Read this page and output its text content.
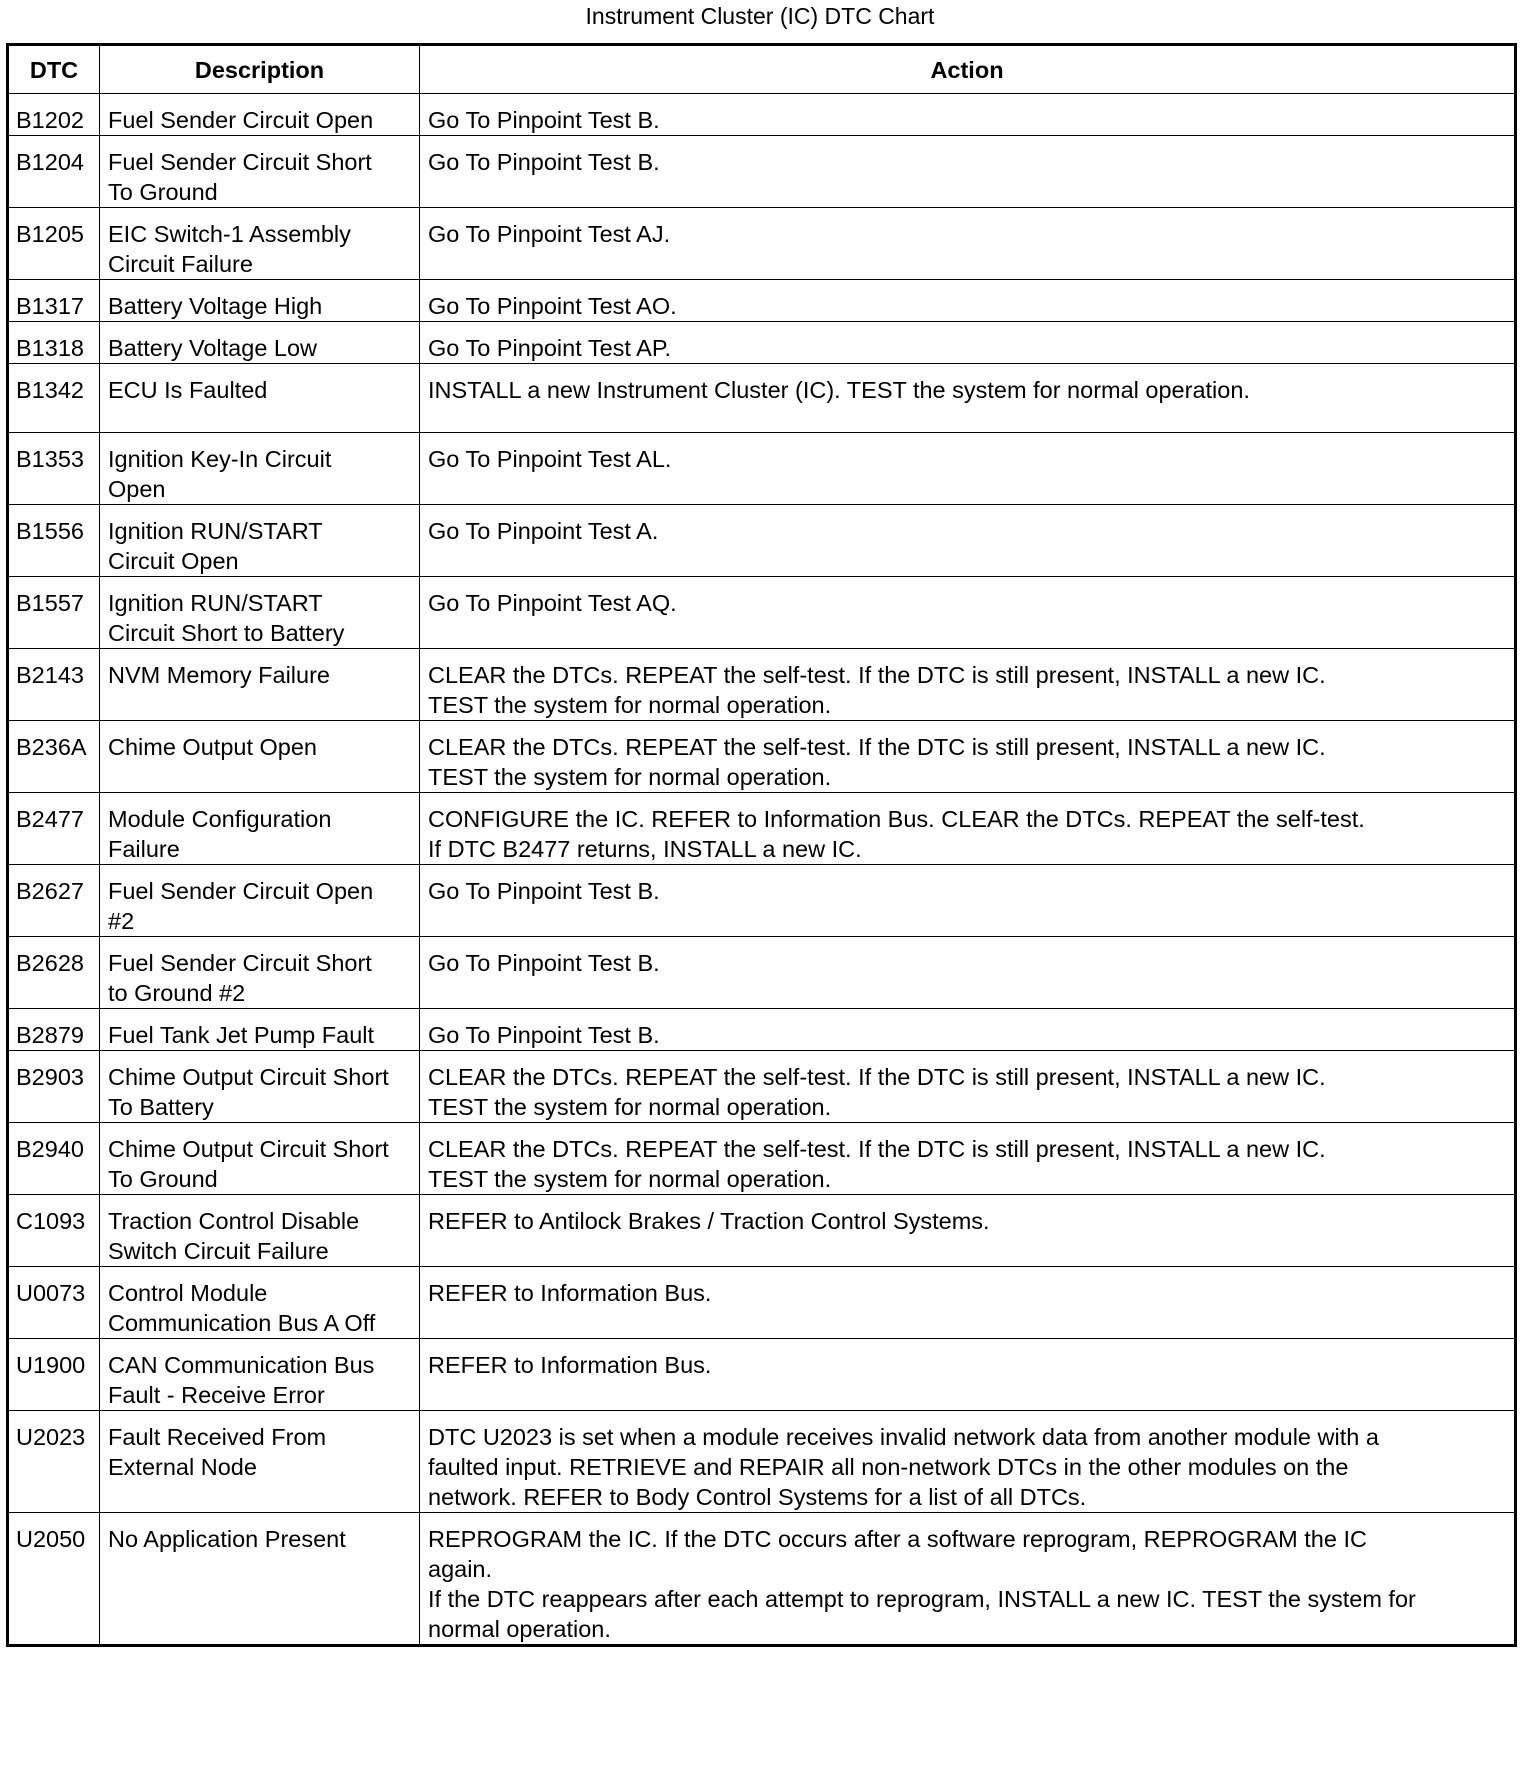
Instrument Cluster (IC) DTC Chart
DTC	Description	Action
B1202	Fuel Sender Circuit Open	Go To Pinpoint Test B.

B1204	Fuel Sender Circuit Short
To Ground	Go To Pinpoint Test B.

B1205	EIC Switch-1 Assembly
Circuit Failure	Go To Pinpoint Test AJ.

B1317	Battery Voltage High	Go To Pinpoint Test AO.

B1318	Battery Voltage Low	Go To Pinpoint Test AP.

B1342	ECU Is Faulted	INSTALL a new Instrument Cluster (IC). TEST the system for normal operation.

B1353	Ignition Key-In Circuit
Open	Go To Pinpoint Test AL.

B1556	Ignition RUN/START
Circuit Open	Go To Pinpoint Test A.

B1557	Ignition RUN/START
Circuit Short to Battery	Go To Pinpoint Test AQ.

B2143	NVM Memory Failure	CLEAR the DTCs. REPEAT the self-test. If the DTC is still present, INSTALL a new IC.
TEST the system for normal operation.

B236A	Chime Output Open	CLEAR the DTCs. REPEAT the self-test. If the DTC is still present, INSTALL a new IC.
TEST the system for normal operation.

B2477	Module Configuration
Failure	CONFIGURE the IC. REFER to Information Bus. CLEAR the DTCs. REPEAT the self-test.
If DTC B2477 returns, INSTALL a new IC.

B2627	Fuel Sender Circuit Open
#2	Go To Pinpoint Test B.

B2628	Fuel Sender Circuit Short
to Ground #2	Go To Pinpoint Test B.

B2879	Fuel Tank Jet Pump Fault	Go To Pinpoint Test B.

B2903	Chime Output Circuit Short
To Battery	CLEAR the DTCs. REPEAT the self-test. If the DTC is still present, INSTALL a new IC.
TEST the system for normal operation.

B2940	Chime Output Circuit Short
To Ground	CLEAR the DTCs. REPEAT the self-test. If the DTC is still present, INSTALL a new IC.
TEST the system for normal operation.

C1093	Traction Control Disable
Switch Circuit Failure	REFER to Antilock Brakes / Traction Control Systems.

U0073	Control Module
Communication Bus A Off	REFER to Information Bus.

U1900	CAN Communication Bus
Fault - Receive Error	REFER to Information Bus.

U2023	Fault Received From
External Node	DTC U2023 is set when a module receives invalid network data from another module with a
faulted input. RETRIEVE and REPAIR all non-network DTCs in the other modules on the
network. REFER to Body Control Systems for a list of all DTCs.

U2050	No Application Present	REPROGRAM the IC. If the DTC occurs after a software reprogram, REPROGRAM the IC
again.
If the DTC reappears after each attempt to reprogram, INSTALL a new IC. TEST the system for
normal operation.
